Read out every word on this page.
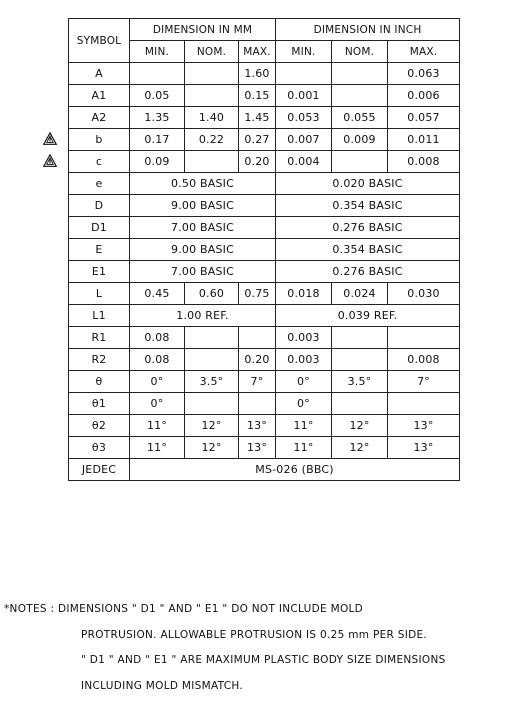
SYMBOL	DIMENSION IN MM			DIMENSION IN INCH		
	MIN.	NOM.	MAX.	MIN.	NOM.	MAX.
A			1.60			0.063
A1	0.05		0.15	0.001		0.006
A2	1.35	1.40	1.45	0.053	0.055	0.057
b	0.17	0.22	0.27	0.007	0.009	0.011
c	0.09		0.20	0.004		0.008
e	0.50 BASIC			0.020 BASIC		
D	9.00 BASIC			0.354 BASIC		
D1	7.00 BASIC			0.276 BASIC		
E	9.00 BASIC			0.354 BASIC		
E1	7.00 BASIC			0.276 BASIC		
L	0.45	0.60	0.75	0.018	0.024	0.030
L1	1.00 REF.			0.039 REF.		
R1	0.08			0.003		
R2	0.08		0.20	0.003		0.008
θ	0°	3.5°	7°	0°	3.5°	7°
θ1	0°			0°		
θ2	11°	12°	13°	11°	12°	13°
θ3	11°	12°	13°	11°	12°	13°
JEDEC	MS-026 (BBC)					
*NOTES : DIMENSIONS " D1 " AND " E1 " DO NOT INCLUDE MOLD
PROTRUSION. ALLOWABLE PROTRUSION IS 0.25 mm PER SIDE.
" D1 " AND " E1 " ARE MAXIMUM PLASTIC BODY SIZE DIMENSIONS
INCLUDING MOLD MISMATCH.
